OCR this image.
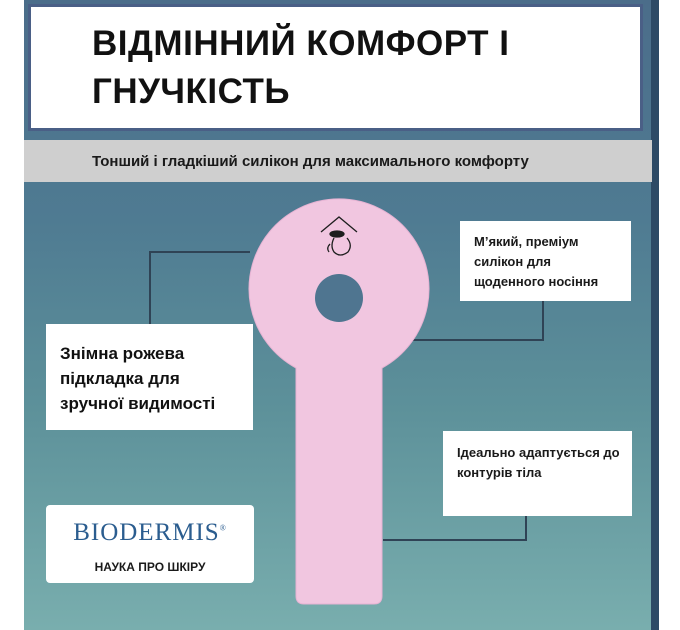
ВІДМІННИЙ КОМФОРТ І ГНУЧКІСТЬ

Тонший і гладкіший силікон для максимального комфорту

М’який, преміум силікон для щоденного носіння

Знімна рожева підкладка для зручної видимості

Ідеально адаптується до контурів тіла

BIODERMIS®

НАУКА ПРО ШКІРУ
